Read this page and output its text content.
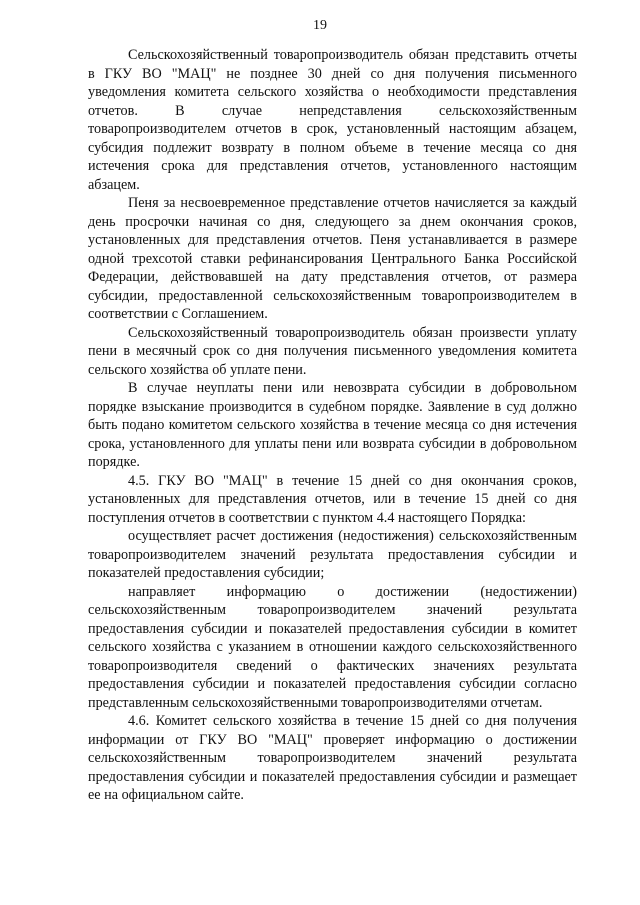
19

Сельскохозяйственный товаропроизводитель обязан представить отчеты в ГКУ ВО "МАЦ" не позднее 30 дней со дня получения письменного уведомления комитета сельского хозяйства о необходимости представления отчетов. В случае непредставления сельскохозяйственным товаропроизводителем отчетов в срок, установленный настоящим абзацем, субсидия подлежит возврату в полном объеме в течение месяца со дня истечения срока для представления отчетов, установленного настоящим абзацем.

Пеня за несвоевременное представление отчетов начисляется за каждый день просрочки начиная со дня, следующего за днем окончания сроков, установленных для представления отчетов. Пеня устанавливается в размере одной трехсотой ставки рефинансирования Центрального Банка Российской Федерации, действовавшей на дату представления отчетов, от размера субсидии, предоставленной сельскохозяйственным товаропроизводителем в соответствии с Соглашением.

Сельскохозяйственный товаропроизводитель обязан произвести уплату пени в месячный срок со дня получения письменного уведомления комитета сельского хозяйства об уплате пени.

В случае неуплаты пени или невозврата субсидии в добровольном порядке взыскание производится в судебном порядке. Заявление в суд должно быть подано комитетом сельского хозяйства в течение месяца со дня истечения срока, установленного для уплаты пени или возврата субсидии в добровольном порядке.

4.5. ГКУ ВО "МАЦ" в течение 15 дней со дня окончания сроков, установленных для представления отчетов, или в течение 15 дней со дня поступления отчетов в соответствии с пунктом 4.4 настоящего Порядка:

осуществляет расчет достижения (недостижения) сельскохозяйственным товаропроизводителем значений результата предоставления субсидии и показателей предоставления субсидии;

направляет информацию о достижении (недостижении) сельскохозяйственным товаропроизводителем значений результата предоставления субсидии и показателей предоставления субсидии в комитет сельского хозяйства с указанием в отношении каждого сельскохозяйственного товаропроизводителя сведений о фактических значениях результата предоставления субсидии и показателей предоставления субсидии согласно представленным сельскохозяйственными товаропроизводителями отчетам.

4.6. Комитет сельского хозяйства в течение 15 дней со дня получения информации от ГКУ ВО "МАЦ" проверяет информацию о достижении сельскохозяйственным товаропроизводителем значений результата предоставления субсидии и показателей предоставления субсидии и размещает ее на официальном сайте.
